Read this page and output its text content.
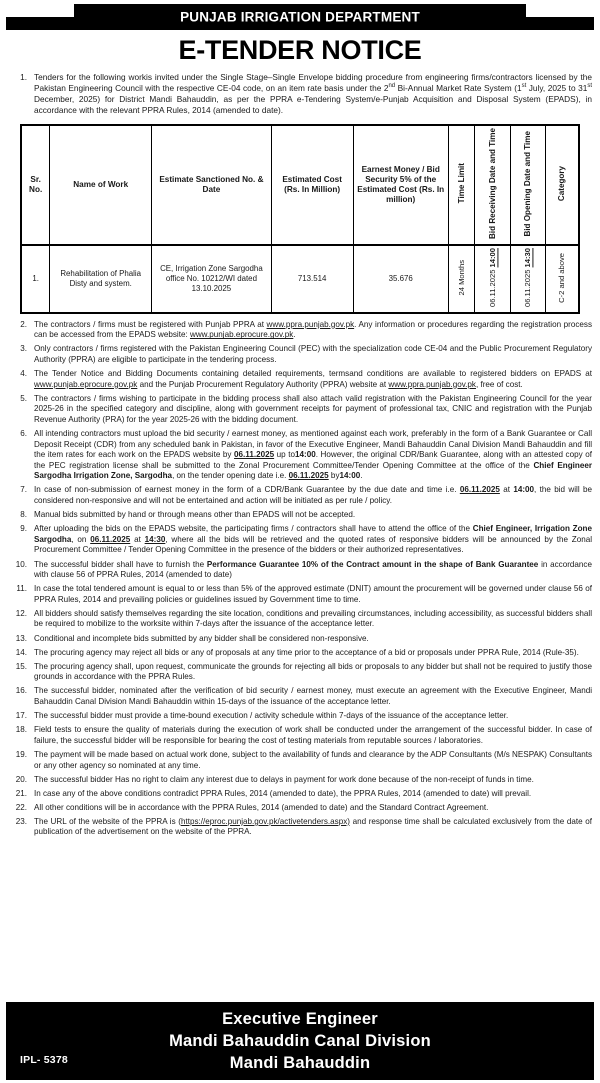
PUNJAB IRRIGATION DEPARTMENT
E-TENDER NOTICE
1. Tenders for the following workis invited under the Single Stage–Single Envelope bidding procedure from engineering firms/contractors licensed by the Pakistan Engineering Council with the respective CE-04 code, on an item rate basis under the 2nd Bi-Annual Market Rate System (1st July, 2025 to 31st December, 2025) for District Mandi Bahauddin, as per the PPRA e-Tendering System/e-Punjab Acquisition and Disposal System (EPADS), in accordance with the relevant PPRA Rules, 2014 (amended to date).
Sr. No.	Name of Work	Estimate Sanctioned No. & Date	Estimated Cost (Rs. In Million)	Earnest Money / Bid Security 5% of the Estimated Cost (Rs. In million)	Time Limit	Bid Receiving Date and Time	Bid Opening Date and Time	Category
1.	Rehabilitation of Phalia Disty and system.	CE, Irrigation Zone Sargodha office No. 10212/WI dated 13.10.2025	713.514	35.676	24 Months	06.11.2025 14:00	06.11.2025 14:30	C-2 and above
2. The contractors / firms must be registered with Punjab PPRA at www.ppra.punjab.gov.pk. Any information or procedures regarding the registration process can be accessed from the EPADS website: www.punjab.eprocure.gov.pk.
3. Only contractors / firms registered with the Pakistan Engineering Council (PEC) with the specialization code CE-04 and the Public Procurement Regulatory Authority (PPRA) are eligible to participate in the tendering process.
4. The Tender Notice and Bidding Documents containing detailed requirements, termsand conditions are available to registered bidders on EPADS at www.punjab.eprocure.gov.pk and the Punjab Procurement Regulatory Authority (PPRA) website at www.ppra.punjab.gov.pk, free of cost.
5. The contractors / firms wishing to participate in the bidding process shall also attach valid registration with the Pakistan Engineering Council for the year 2025-26 in the specified category and discipline, along with government receipts for payment of professional tax, CNIC and registration with the Punjab Revenue Authority (PRA) for the year 2025-26 with the bidding document.
6. All intending contractors must upload the bid security / earnest money, as mentioned against each work, preferably in the form of a Bank Guarantee or Call Deposit Receipt (CDR) from any scheduled bank in Pakistan, in favor of the Executive Engineer, Mandi Bahauddin Canal Division Mandi Bahauddin and fill the item rates for each work on the EPADS website by 06.11.2025 up to14:00. However, the original CDR/Bank Guarantee, along with an attested copy of the PEC registration license shall be submitted to the Zonal Procurement Committee/Tender Opening Committee at the office of the Chief Engineer Sargodha Irrigation Zone, Sargodha, on the tender opening date i.e. 06.11.2025 by14:00.
7. In case of non-submission of earnest money in the form of a CDR/Bank Guarantee by the due date and time i.e. 06.11.2025 at 14:00, the bid will be considered non-responsive and will not be entertained and action will be initiated as per rule / policy.
8. Manual bids submitted by hand or through means other than EPADS will not be accepted.
9. After uploading the bids on the EPADS website, the participating firms / contractors shall have to attend the office of the Chief Engineer, Irrigation Zone Sargodha, on 06.11.2025 at 14:30, where all the bids will be retrieved and the quoted rates of responsive bidders will be announced by the Zonal Procurement Committee / Tender Opening Committee in the presence of the bidders or their authorized representatives.
10. The successful bidder shall have to furnish the Performance Guarantee 10% of the Contract amount in the shape of Bank Guarantee in accordance with clause 56 of PPRA Rules, 2014 (amended to date)
11. In case the total tendered amount is equal to or less than 5% of the approved estimate (DNIT) amount the procurement will be governed under clause 56 of PPRA Rules, 2014 and prevailing policies or guidelines issued by Government time to time.
12. All bidders should satisfy themselves regarding the site location, conditions and prevailing circumstances, including accessibility, as successful bidders shall be required to mobilize to the worksite within 7-days after the issuance of the acceptance letter.
13. Conditional and incomplete bids submitted by any bidder shall be considered non-responsive.
14. The procuring agency may reject all bids or any of proposals at any time prior to the acceptance of a bid or proposals under PPRA Rule, 2014 (Rule-35).
15. The procuring agency shall, upon request, communicate the grounds for rejecting all bids or proposals to any bidder but shall not be required to justify those grounds in accordance with the PPRA Rules.
16. The successful bidder, nominated after the verification of bid security / earnest money, must execute an agreement with the Executive Engineer, Mandi Bahauddin Canal Division Mandi Bahauddin within 15-days of the issuance of the acceptance letter.
17. The successful bidder must provide a time-bound execution / activity schedule within 7-days of the issuance of the acceptance letter.
18. Field tests to ensure the quality of materials during the execution of work shall be conducted under the arrangement of the successful bidder. In case of failure, the successful bidder will be responsible for bearing the cost of testing materials from reputable sources / laboratories.
19. The payment will be made based on actual work done, subject to the availability of funds and clearance by the ADP Consultants (M/s NESPAK) Consultants or any other agency so nominated at any time.
20. The successful bidder Has no right to claim any interest due to delays in payment for work done because of the non-receipt of funds in time.
21. In case any of the above conditions contradict PPRA Rules, 2014 (amended to date), the PPRA Rules, 2014 (amended to date) will prevail.
22. All other conditions will be in accordance with the PPRA Rules, 2014 (amended to date) and the Standard Contract Agreement.
23. The URL of the website of the PPRA is (https://eproc.punjab.gov.pk/activetenders.aspx) and response time shall be calculated exclusively from the date of publication of the advertisement on the website of the PPRA.
Executive Engineer
Mandi Bahauddin Canal Division
Mandi Bahauddin
IPL- 5378
